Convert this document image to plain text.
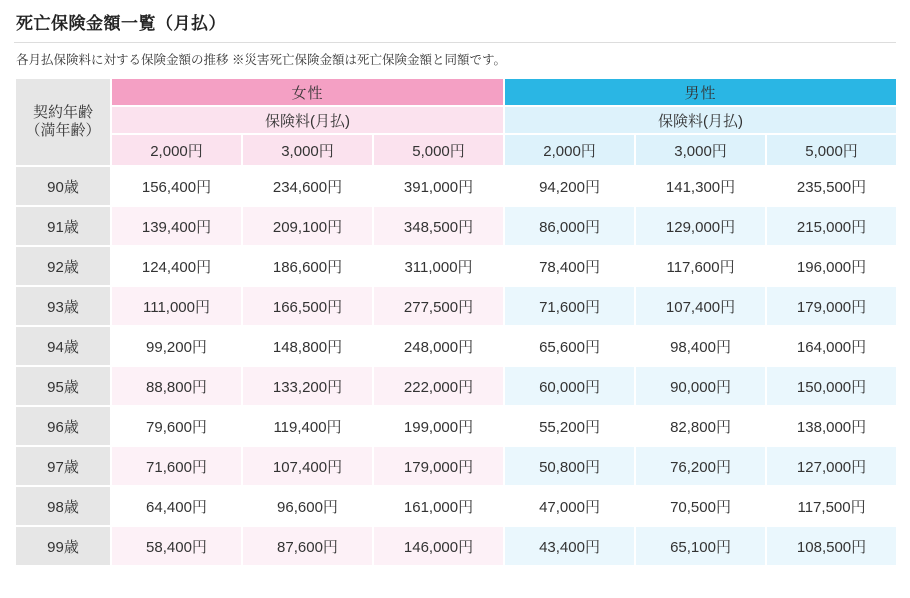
死亡保険金額一覧（月払）

各月払保険料に対する保険金額の推移 ※災害死亡保険金額は死亡保険金額と同額です。

契約年齢
（満年齢）	女性			男性		
	保険料(月払)			保険料(月払)		
	2,000円	3,000円	5,000円	2,000円	3,000円	5,000円
90歳	156,400円	234,600円	391,000円	94,200円	141,300円	235,500円
91歳	139,400円	209,100円	348,500円	86,000円	129,000円	215,000円
92歳	124,400円	186,600円	311,000円	78,400円	117,600円	196,000円
93歳	111,000円	166,500円	277,500円	71,600円	107,400円	179,000円
94歳	99,200円	148,800円	248,000円	65,600円	98,400円	164,000円
95歳	88,800円	133,200円	222,000円	60,000円	90,000円	150,000円
96歳	79,600円	119,400円	199,000円	55,200円	82,800円	138,000円
97歳	71,600円	107,400円	179,000円	50,800円	76,200円	127,000円
98歳	64,400円	96,600円	161,000円	47,000円	70,500円	117,500円
99歳	58,400円	87,600円	146,000円	43,400円	65,100円	108,500円
